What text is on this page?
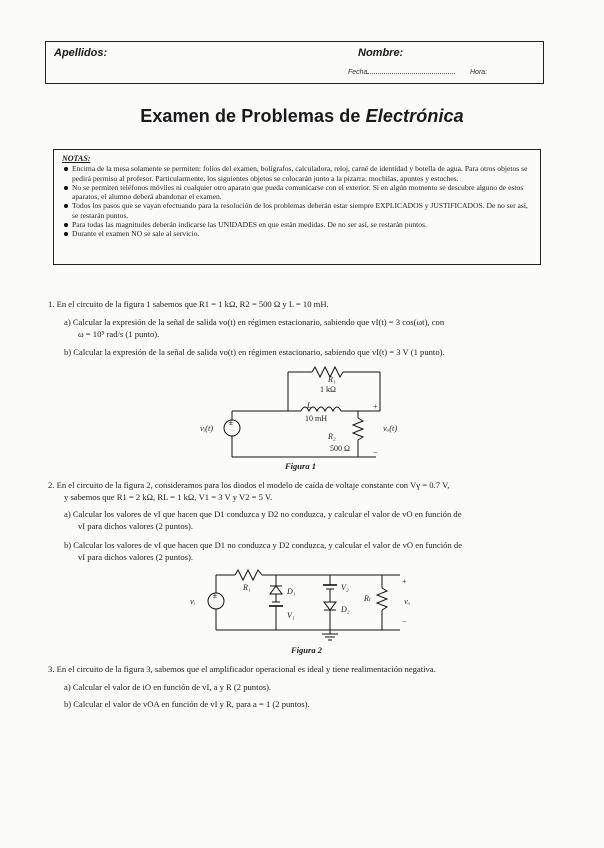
Apellidos:	Nombre:
Fecha	Hora:
Examen de Problemas de Electrónica
NOTAS:
Encima de la mesa solamente se permiten: folios del examen, bolígrafos, calculadora, reloj, carné de identidad y botella de agua. Para otros objetos se pedirá permiso al profesor. Particularmente, los siguientes objetos se colocarán junto a la pizarra: mochilas, apuntes y estuches.
No se permiten teléfonos móviles ni cualquier otro aparato que pueda comunicarse con el exterior. Si en algún momento se descubre alguno de estos aparatos, el alumno deberá abandonar el examen.
Todos los pasos que se vayan efectuando para la resolución de los problemas deberán estar siempre EXPLICADOS y JUSTIFICADOS. De no ser así, se restarán puntos.
Para todas las magnitudes deberán indicarse las UNIDADES en que están medidas. De no ser así, se restarán puntos.
Durante el examen NO se sale al servicio.
1. En el circuito de la figura 1 sabemos que R1 = 1 kΩ, R2 = 500 Ω y L = 10 mH.
a) Calcular la expresión de la señal de salida vo(t) en régimen estacionario, sabiendo que vI(t) = 3 cos(ωt), con
ω = 10⁵ rad/s (1 punto).
b) Calcular la expresión de la señal de salida vo(t) en régimen estacionario, sabiendo que vI(t) = 3 V (1 punto).
±
R₁
1 kΩ
L
10 mH
R₂
500 Ω
vᵢ(t)	vₒ(t)
+
−
Figura 1
2. En el circuito de la figura 2, consideramos para los diodos el modelo de caída de voltaje constante con Vγ = 0.7 V,
y sabemos que R1 = 2 kΩ, RL = 1 kΩ, V1 = 3 V y V2 = 5 V.
a) Calcular los valores de vI que hacen que D1 conduzca y D2 no conduzca, y calcular el valor de vO en función de
vI para dichos valores (2 puntos).
b) Calcular los valores de vI que hacen que D1 no conduzca y D2 conduzca, y calcular el valor de vO en función de
vI para dichos valores (2 puntos).
±
R₁	D₁
V₁
V₂
D₂
Rₗ
vᵢ	vₒ
+
−
Figura 2
3. En el circuito de la figura 3, sabemos que el amplificador operacional es ideal y tiene realimentación negativa.
a) Calcular el valor de iO en función de vI, a y R (2 puntos).
b) Calcular el valor de vOA en función de vI y R, para a = 1 (2 puntos).
